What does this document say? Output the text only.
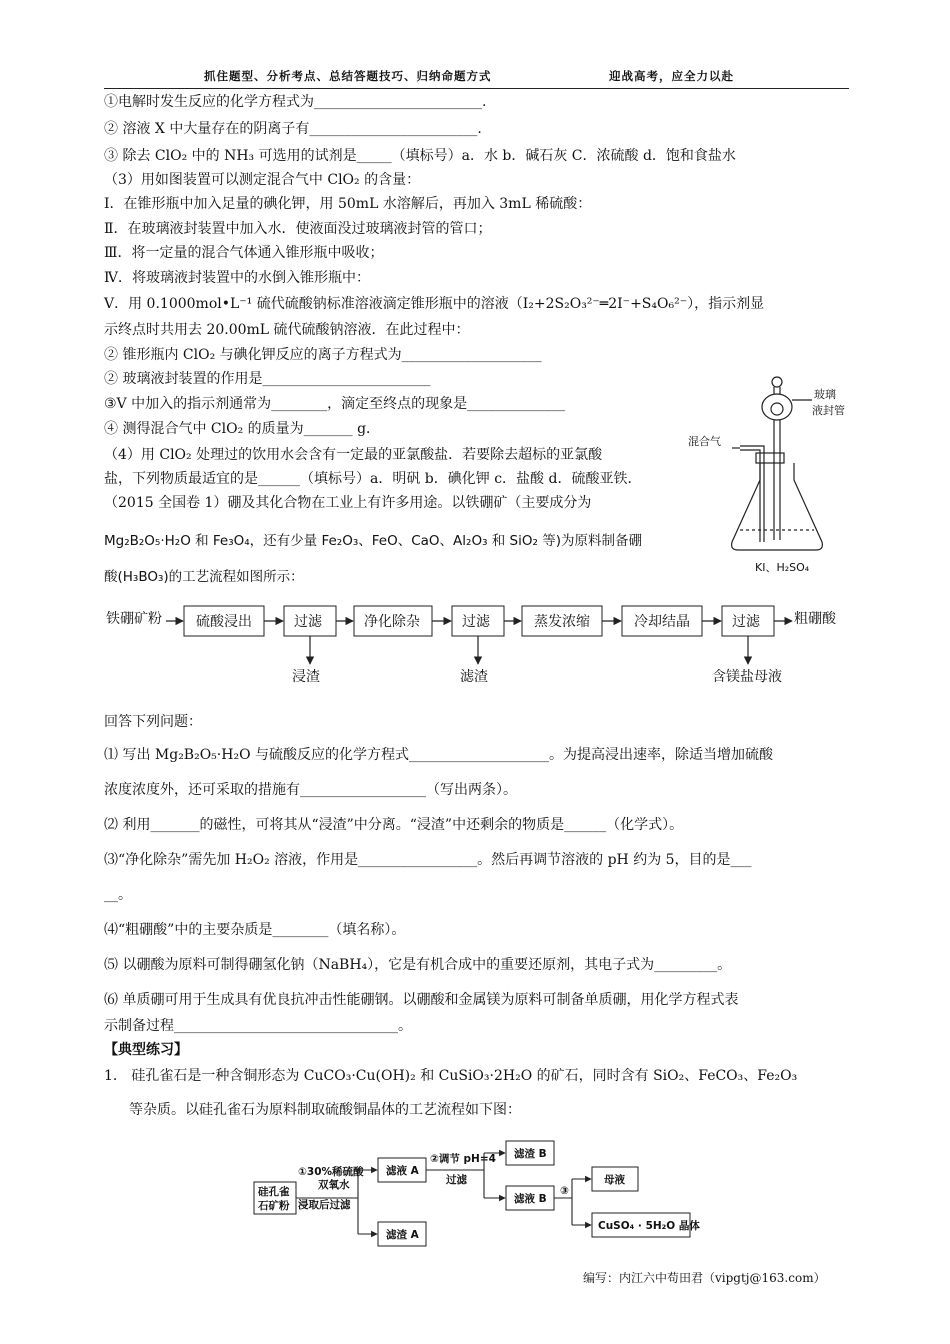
抓住题型、分析考点、总结答题技巧、归纳命题方式	迎战高考，应全力以赴
①电解时发生反应的化学方程式为________________________.
② 溶液 X 中大量存在的阴离子有________________________.
③ 除去 ClO₂ 中的 NH₃ 可选用的试剂是_____（填标号）a．水 b．碱石灰 C．浓硫酸 d．饱和食盐水
（3）用如图装置可以测定混合气中 ClO₂ 的含量：
Ⅰ．在锥形瓶中加入足量的碘化钾，用 50mL 水溶解后，再加入 3mL 稀硫酸：
Ⅱ．在玻璃液封装置中加入水．使液面没过玻璃液封管的管口；
Ⅲ．将一定量的混合气体通入锥形瓶中吸收；
Ⅳ．将玻璃液封装置中的水倒入锥形瓶中：
Ⅴ．用 0.1000mol•L⁻¹ 硫代硫酸钠标准溶液滴定锥形瓶中的溶液（I₂+2S₂O₃²⁻═2I⁻+S₄O₆²⁻），指示剂显
示终点时共用去 20.00mL 硫代硫酸钠溶液．在此过程中：
② 锥形瓶内 ClO₂ 与碘化钾反应的离子方程式为____________________
② 玻璃液封装置的作用是________________________
③V 中加入的指示剂通常为________，滴定至终点的现象是______________
④ 测得混合气中 ClO₂ 的质量为_______ g．
（4）用 ClO₂ 处理过的饮用水会含有一定最的亚氯酸盐．若要除去超标的亚氯酸
盐，下列物质最适宜的是______（填标号）a．明矾 b．碘化钾 c．盐酸 d．硫酸亚铁．
（2015 全国卷 1）硼及其化合物在工业上有许多用途。以铁硼矿（主要成分为
Mg₂B₂O₅·H₂O 和 Fe₃O₄，还有少量 Fe₂O₃、FeO、CaO、Al₂O₃ 和 SiO₂ 等)为原料制备硼
酸(H₃BO₃)的工艺流程如图所示：
玻璃
液封管
混合气
KI、H₂SO₄
铁硼矿粉 硫酸浸出	过滤	净化除杂	过滤	蒸发浓缩	冷却结晶	过滤 粗硼酸
浸渣	滤渣	含镁盐母液
回答下列问题：
⑴ 写出 Mg₂B₂O₅·H₂O 与硫酸反应的化学方程式____________________。为提高浸出速率，除适当增加硫酸
浓度浓度外，还可采取的措施有__________________（写出两条）。
⑵ 利用_______的磁性，可将其从“浸渣”中分离。“浸渣”中还剩余的物质是______（化学式）。
⑶“净化除杂”需先加 H₂O₂ 溶液，作用是_________________。然后再调节溶液的 pH 约为 5，目的是___
__。
⑷“粗硼酸”中的主要杂质是________（填名称）。
⑸ 以硼酸为原料可制得硼氢化钠（NaBH₄），它是有机合成中的重要还原剂，其电子式为_________。
⑹ 单质硼可用于生成具有优良抗冲击性能硼钢。以硼酸和金属镁为原料可制备单质硼，用化学方程式表
示制备过程________________________________。
【典型练习】
1． 硅孔雀石是一种含铜形态为 CuCO₃·Cu(OH)₂ 和 CuSiO₃·2H₂O 的矿石，同时含有 SiO₂、FeCO₃、Fe₂O₃
等杂质。以硅孔雀石为原料制取硫酸铜晶体的工艺流程如下图：
硅孔雀
石矿粉
①30%稀硫酸
双氧水
浸取后过滤
滤液 A
滤渣 A
②调节 pH=4
过滤
滤渣 B
滤液 B
③
母液
CuSO₄ · 5H₂O 晶体
编写：内江六中苟田君（vipgtj@163.com）
